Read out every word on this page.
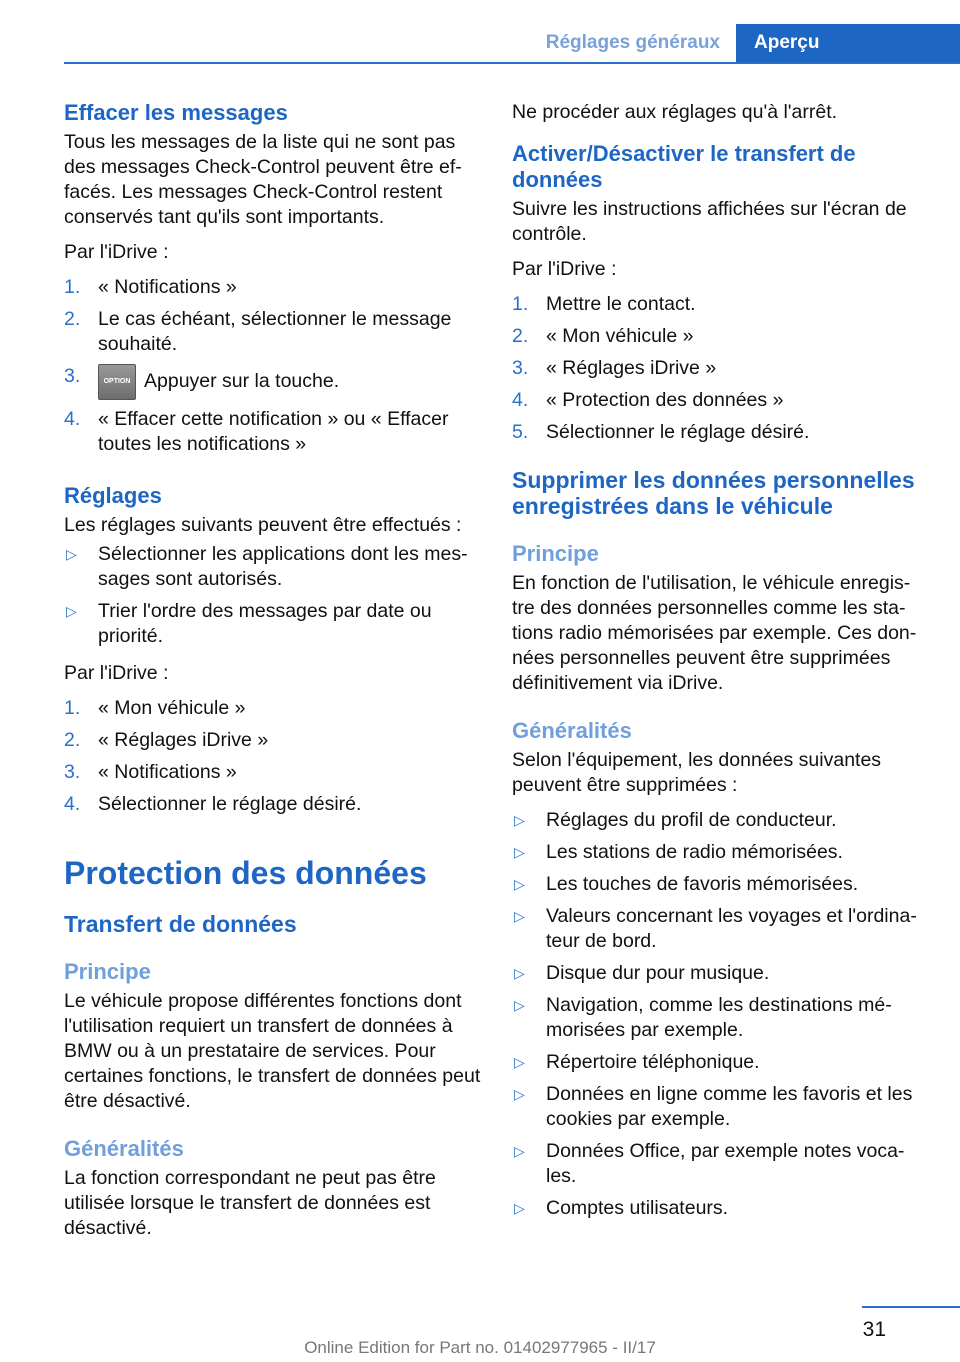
Réglages généraux	Aperçu
Effacer les messages

Tous les messages de la liste qui ne sont pas des messages Check-Control peuvent être ef‐ facés. Les messages Check-Control restent conservés tant qu'ils sont importants.

Par l'iDrive :

1. « Notifications »
2. Le cas échéant, sélectionner le message souhaité.
3.	OPTION Appuyer sur la touche.
4. « Effacer cette notification » ou « Effacer toutes les notifications »
Réglages

Les réglages suivants peuvent être effectués :

▷ Sélectionner les applications dont les mes‐ sages sont autorisés.
▷ Trier l'ordre des messages par date ou priorité.

Par l'iDrive :

1. « Mon véhicule »
2. « Réglages iDrive »
3. « Notifications »
4. Sélectionner le réglage désiré.
Protection des données
Transfert de données
Principe

Le véhicule propose différentes fonctions dont l'utilisation requiert un transfert de données à BMW ou à un prestataire de services. Pour certaines fonctions, le transfert de données peut être désactivé.

Généralités

La fonction correspondant ne peut pas être utilisée lorsque le transfert de données est désactivé.

Ne procéder aux réglages qu'à l'arrêt.

Activer/Désactiver le transfert de données

Suivre les instructions affichées sur l'écran de contrôle.

Par l'iDrive :

1. Mettre le contact.
2. « Mon véhicule »
3. « Réglages iDrive »
4. « Protection des données »
5. Sélectionner le réglage désiré.
Supprimer les données personnelles enregistrées dans le véhicule
Principe

En fonction de l'utilisation, le véhicule enregis‐ tre des données personnelles comme les sta‐ tions radio mémorisées par exemple. Ces don‐ nées personnelles peuvent être supprimées définitivement via iDrive.

Généralités

Selon l'équipement, les données suivantes peuvent être supprimées :

▷ Réglages du profil de conducteur.
▷ Les stations de radio mémorisées.
▷ Les touches de favoris mémorisées.
▷ Valeurs concernant les voyages et l'ordina‐ teur de bord.
▷ Disque dur pour musique.
▷ Navigation, comme les destinations mé‐ morisées par exemple.
▷ Répertoire téléphonique.
▷ Données en ligne comme les favoris et les cookies par exemple.
▷ Données Office, par exemple notes voca‐ les.
▷ Comptes utilisateurs.
31
Online Edition for Part no. 01402977965 - II/17
